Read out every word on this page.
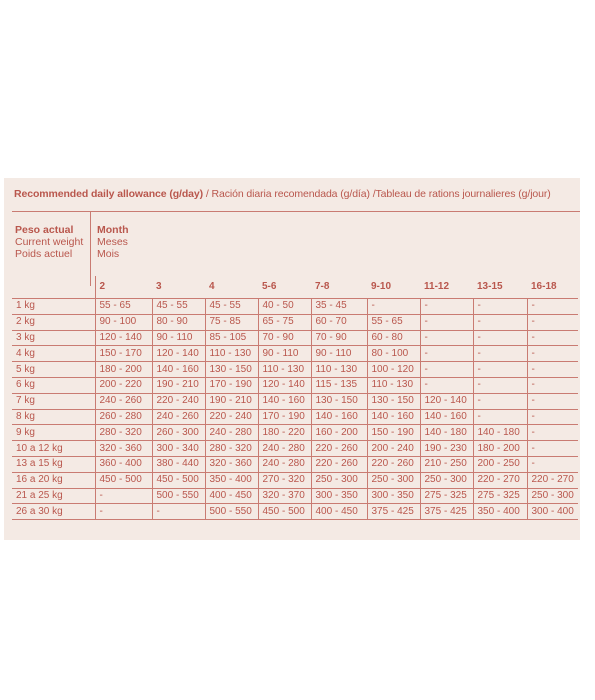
Recommended daily allowance (g/day) / Ración diaria recomendada (g/día) /Tableau de rations journalieres (g/jour)
Peso actual
Current weight
Poids actuel
Month
Meses
Mois
	2	3	4	5-6	7-8	9-10	11-12	13-15	16-18
1 kg	55 - 65	45 - 55	45 - 55	40 - 50	35 - 45	-	-	-	-
2 kg	90 - 100	80 - 90	75 - 85	65 - 75	60 - 70	55 - 65	-	-	-
3 kg	120 - 140	90 - 110	85 - 105	70 - 90	70 - 90	60 - 80	-	-	-
4 kg	150 - 170	120 - 140	110 - 130	90 - 110	90 - 110	80 - 100	-	-	-
5 kg	180 - 200	140 - 160	130 - 150	110 - 130	110 - 130	100 - 120	-	-	-
6 kg	200 - 220	190 - 210	170 - 190	120 - 140	115 - 135	110 - 130	-	-	-
7 kg	240 - 260	220 - 240	190 - 210	140 - 160	130 - 150	130 - 150	120 - 140	-	-
8 kg	260 - 280	240 - 260	220 - 240	170 - 190	140 - 160	140 - 160	140 - 160	-	-
9 kg	280 - 320	260 - 300	240 - 280	180 - 220	160 - 200	150 - 190	140 - 180	140 - 180	-
10 a 12 kg	320 - 360	300 - 340	280 - 320	240 - 280	220 - 260	200 - 240	190 - 230	180 - 200	-
13 a 15 kg	360 - 400	380 - 440	320 - 360	240 - 280	220 - 260	220 - 260	210 - 250	200 - 250	-
16 a 20 kg	450 - 500	450 - 500	350 - 400	270 - 320	250 - 300	250 - 300	250 - 300	220 - 270	220 - 270
21 a 25 kg	-	500 - 550	400 - 450	320 - 370	300 - 350	300 - 350	275 - 325	275 - 325	250 - 300
26 a 30 kg	-	-	500 - 550	450 - 500	400 - 450	375 - 425	375 - 425	350 - 400	300 - 400
